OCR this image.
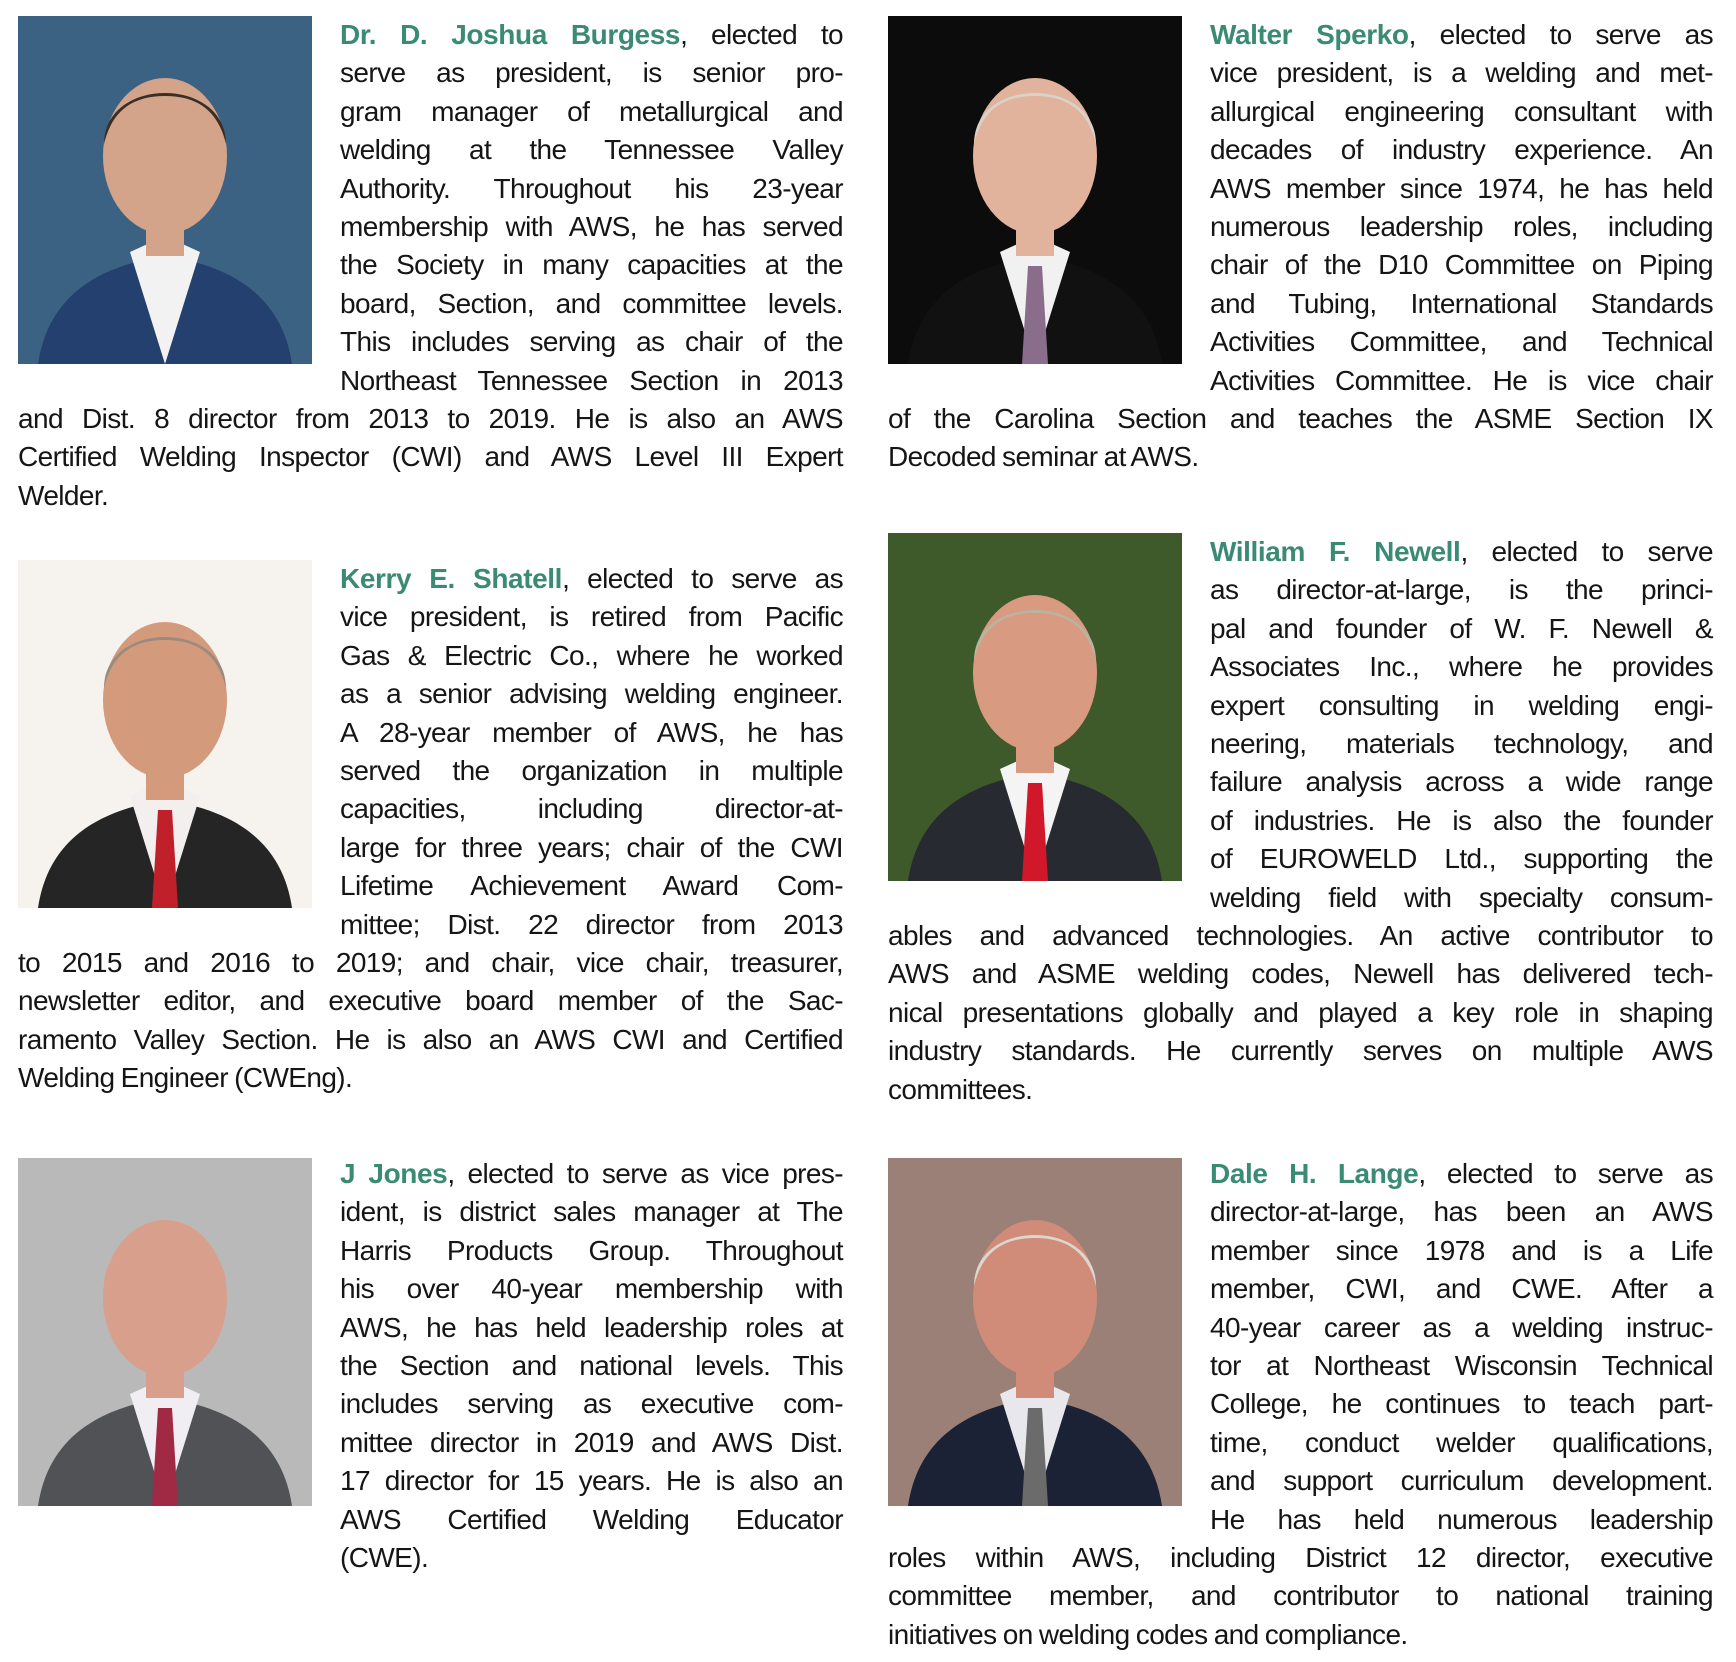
Dr. D. Joshua Burgess, elected to
serve as president, is senior pro-
gram manager of metallurgical and
welding at the Tennessee Valley
Authority. Throughout his 23-year
membership with AWS, he has served
the Society in many capacities at the
board, Section, and committee levels.
This includes serving as chair of the
Northeast Tennessee Section in 2013
and Dist. 8 director from 2013 to 2019. He is also an AWS
Certified Welding Inspector (CWI) and AWS Level III Expert
Welder.
Walter Sperko, elected to serve as
vice president, is a welding and met-
allurgical engineering consultant with
decades of industry experience. An
AWS member since 1974, he has held
numerous leadership roles, including
chair of the D10 Committee on Piping
and Tubing, International Standards
Activities Committee, and Technical
Activities Committee. He is vice chair
of the Carolina Section and teaches the ASME Section IX
Decoded seminar at AWS.
Kerry E. Shatell, elected to serve as
vice president, is retired from Pacific
Gas & Electric Co., where he worked
as a senior advising welding engineer.
A 28-year member of AWS, he has
served the organization in multiple
capacities, including director-at-
large for three years; chair of the CWI
Lifetime Achievement Award Com-
mittee; Dist. 22 director from 2013
to 2015 and 2016 to 2019; and chair, vice chair, treasurer,
newsletter editor, and executive board member of the Sac-
ramento Valley Section. He is also an AWS CWI and Certified
Welding Engineer (CWEng).
William F. Newell, elected to serve
as director-at-large, is the princi-
pal and founder of W. F. Newell &
Associates Inc., where he provides
expert consulting in welding engi-
neering, materials technology, and
failure analysis across a wide range
of industries. He is also the founder
of EUROWELD Ltd., supporting the
welding field with specialty consum-
ables and advanced technologies. An active contributor to
AWS and ASME welding codes, Newell has delivered tech-
nical presentations globally and played a key role in shaping
industry standards. He currently serves on multiple AWS
committees.
J Jones, elected to serve as vice pres-
ident, is district sales manager at The
Harris Products Group. Throughout
his over 40-year membership with
AWS, he has held leadership roles at
the Section and national levels. This
includes serving as executive com-
mittee director in 2019 and AWS Dist.
17 director for 15 years. He is also an
AWS Certified Welding Educator
(CWE).
Dale H. Lange, elected to serve as
director-at-large, has been an AWS
member since 1978 and is a Life
member, CWI, and CWE. After a
40-year career as a welding instruc-
tor at Northeast Wisconsin Technical
College, he continues to teach part-
time, conduct welder qualifications,
and support curriculum development.
He has held numerous leadership
roles within AWS, including District 12 director, executive
committee member, and contributor to national training
initiatives on welding codes and compliance.
